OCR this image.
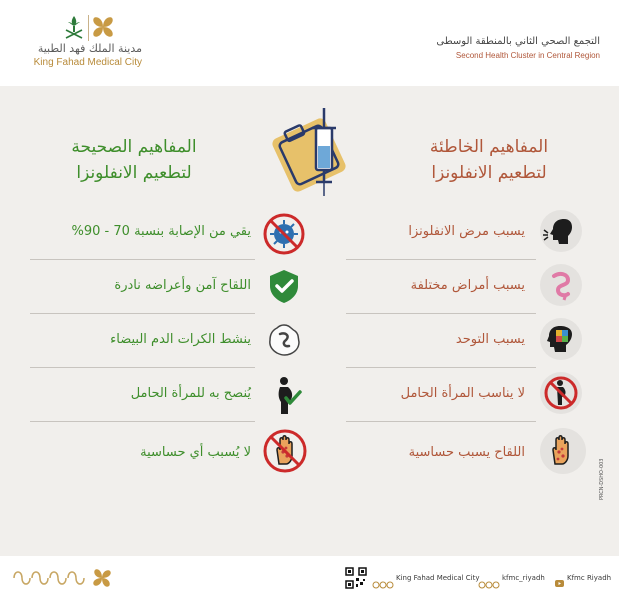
مدينة الملك فهد الطبية
King Fahad Medical City
التجمع الصحي الثاني بالمنطقة الوسطى
Second Health Cluster in Central Region
المفاهيم الخاطئة
لتطعيم الانفلونزا
المفاهيم الصحيحة
لتطعيم الانفلونزا
يسبب مرض الانفلونزا
يسبب أمراض مختلفة
يسبب التوحد
لا يناسب المرأة الحامل
اللقاح يسبب حساسية
يقي من الإصابة بنسبة 70 - 90%
اللقاح آمن وأعراضه نادرة
ينشط الكرات الدم البيضاء
يُنصح به للمرأة الحامل
لا يُسبب أي حساسية
PRCN-DSHO-003
King Fahad Medical City	kfmc_riyadh	Kfmc Riyadh
